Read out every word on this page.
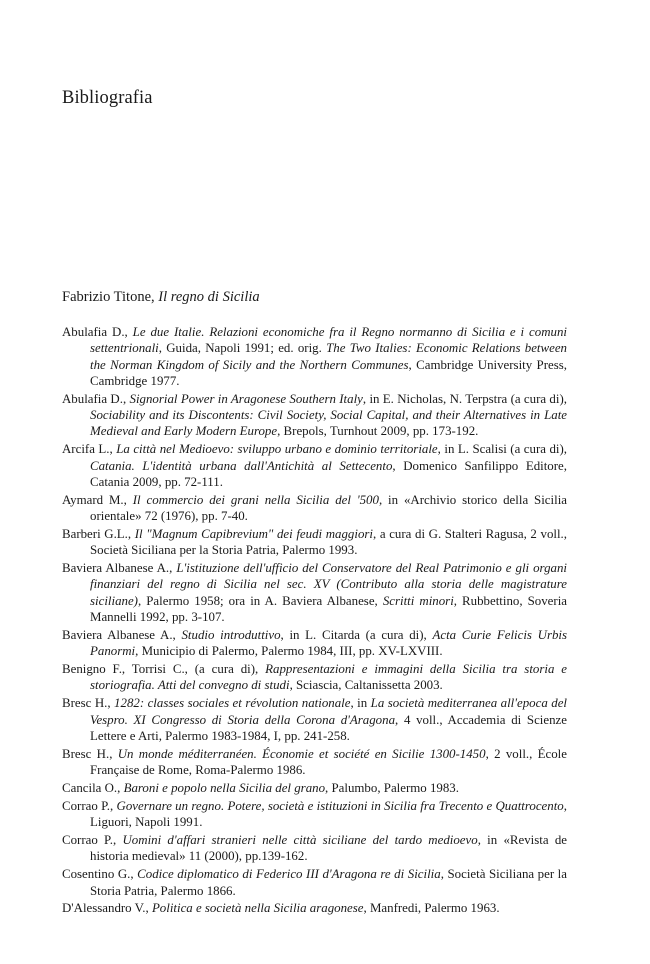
Bibliografia
Fabrizio Titone, Il regno di Sicilia
Abulafia D., Le due Italie. Relazioni economiche fra il Regno normanno di Sicilia e i comuni settentrionali, Guida, Napoli 1991; ed. orig. The Two Italies: Economic Relations between the Norman Kingdom of Sicily and the Northern Communes, Cambridge University Press, Cambridge 1977.
Abulafia D., Signorial Power in Aragonese Southern Italy, in E. Nicholas, N. Terpstra (a cura di), Sociability and its Discontents: Civil Society, Social Capital, and their Alternatives in Late Medieval and Early Modern Europe, Brepols, Turnhout 2009, pp. 173-192.
Arcifa L., La città nel Medioevo: sviluppo urbano e dominio territoriale, in L. Scalisi (a cura di), Catania. L'identità urbana dall'Antichità al Settecento, Domenico Sanfilippo Editore, Catania 2009, pp. 72-111.
Aymard M., Il commercio dei grani nella Sicilia del '500, in «Archivio storico della Sicilia orientale» 72 (1976), pp. 7-40.
Barberi G.L., Il "Magnum Capibrevium" dei feudi maggiori, a cura di G. Stalteri Ragusa, 2 voll., Società Siciliana per la Storia Patria, Palermo 1993.
Baviera Albanese A., L'istituzione dell'ufficio del Conservatore del Real Patrimonio e gli organi finanziari del regno di Sicilia nel sec. XV (Contributo alla storia delle magistrature siciliane), Palermo 1958; ora in A. Baviera Albanese, Scritti minori, Rubbettino, Soveria Mannelli 1992, pp. 3-107.
Baviera Albanese A., Studio introduttivo, in L. Citarda (a cura di), Acta Curie Felicis Urbis Panormi, Municipio di Palermo, Palermo 1984, III, pp. XV-LXVIII.
Benigno F., Torrisi C., (a cura di), Rappresentazioni e immagini della Sicilia tra storia e storiografia. Atti del convegno di studi, Sciascia, Caltanissetta 2003.
Bresc H., 1282: classes sociales et révolution nationale, in La società mediterranea all'epoca del Vespro. XI Congresso di Storia della Corona d'Aragona, 4 voll., Accademia di Scienze Lettere e Arti, Palermo 1983-1984, I, pp. 241-258.
Bresc H., Un monde méditerranéen. Économie et société en Sicilie 1300-1450, 2 voll., École Française de Rome, Roma-Palermo 1986.
Cancila O., Baroni e popolo nella Sicilia del grano, Palumbo, Palermo 1983.
Corrao P., Governare un regno. Potere, società e istituzioni in Sicilia fra Trecento e Quattrocento, Liguori, Napoli 1991.
Corrao P., Uomini d'affari stranieri nelle città siciliane del tardo medioevo, in «Revista de historia medieval» 11 (2000), pp.139-162.
Cosentino G., Codice diplomatico di Federico III d'Aragona re di Sicilia, Società Siciliana per la Storia Patria, Palermo 1866.
D'Alessandro V., Politica e società nella Sicilia aragonese, Manfredi, Palermo 1963.
